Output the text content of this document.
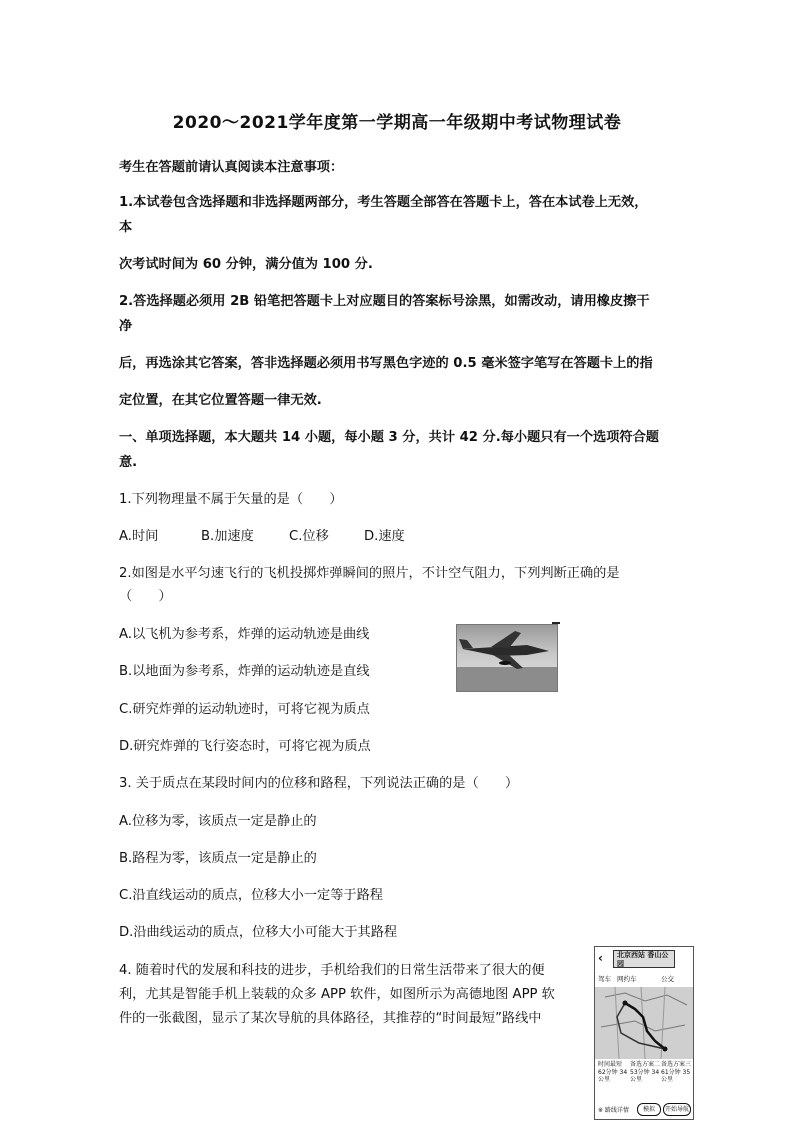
2020～2021学年度第一学期高一年级期中考试物理试卷
考生在答题前请认真阅读本注意事项：
1.本试卷包含选择题和非选择题两部分，考生答题全部答在答题卡上，答在本试卷上无效，
本
次考试时间为 60 分钟，满分值为 100 分.
2.答选择题必须用 2B 铅笔把答题卡上对应题目的答案标号涂黑，如需改动，请用橡皮擦干
净
后，再选涂其它答案，答非选择题必须用书写黑色字迹的 0.5 毫米签字笔写在答题卡上的指
定位置，在其它位置答题一律无效.
一、单项选择题，本大题共 14 小题，每小题 3 分，共计 42 分.每小题只有一个选项符合题
意.
1.下列物理量不属于矢量的是（　　）
A.时间	B.加速度	C.位移	D.速度
2.如图是水平匀速飞行的飞机投掷炸弹瞬间的照片，不计空气阻力，下列判断正确的是
（　　）
A.以飞机为参考系，炸弹的运动轨迹是曲线
B.以地面为参考系，炸弹的运动轨迹是直线
C.研究炸弹的运动轨迹时，可将它视为质点
D.研究炸弹的飞行姿态时，可将它视为质点
3. 关于质点在某段时间内的位移和路程，下列说法正确的是（　　）
A.位移为零，该质点一定是静止的
B.路程为零，该质点一定是静止的
C.沿直线运动的质点，位移大小一定等于路程
D.沿曲线运动的质点，位移大小可能大于其路程
4. 随着时代的发展和科技的进步，手机给我们的日常生活带来了很大的便
利，尤其是智能手机上装载的众多 APP 软件，如图所示为高德地图 APP 软
件的一张截图，显示了某次导航的具体路径，其推荐的“时间最短”路线中
‹	北京西站 香山公园
驾车 网约车	公交
时间最短 62分钟 34公里
备选方案二 53分钟 34公里
备选方案三 61分钟 35公里
※ 路线详情	模拟	开始导航
